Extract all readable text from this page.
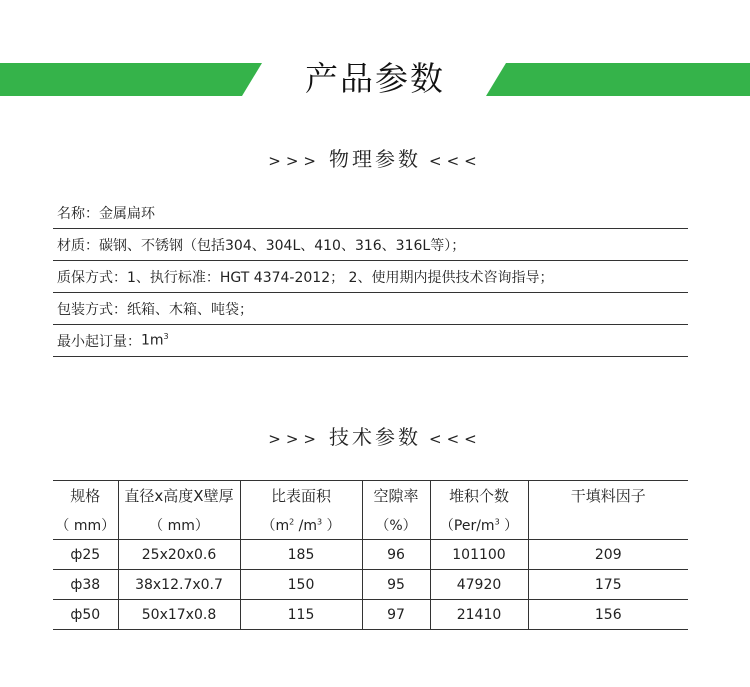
产品参数
>>> 物理参数 <<<
名称： 金属扁环
材质： 碳钢、不锈钢（包括304、304L、410、316、316L等）；
质保方式： 1、执行标准：HGT 4374-2012； 2、使用期内提供技术咨询指导；
包装方式： 纸箱、木箱、吨袋；
最小起订量： $1m^3$
>>> 技术参数 <<<
规格	直径x高度X壁厚	比表面积	空隙率	堆积个数	干填料因子
（ mm）	（ mm）	（$m^2$ $/m^3$ ）	（%）	（$Per/m^3$ ）	
ф25	25x20x0.6	185	96	101100	209
ф38	38x12.7x0.7	150	95	47920	175
ф50	50x17x0.8	115	97	21410	156
